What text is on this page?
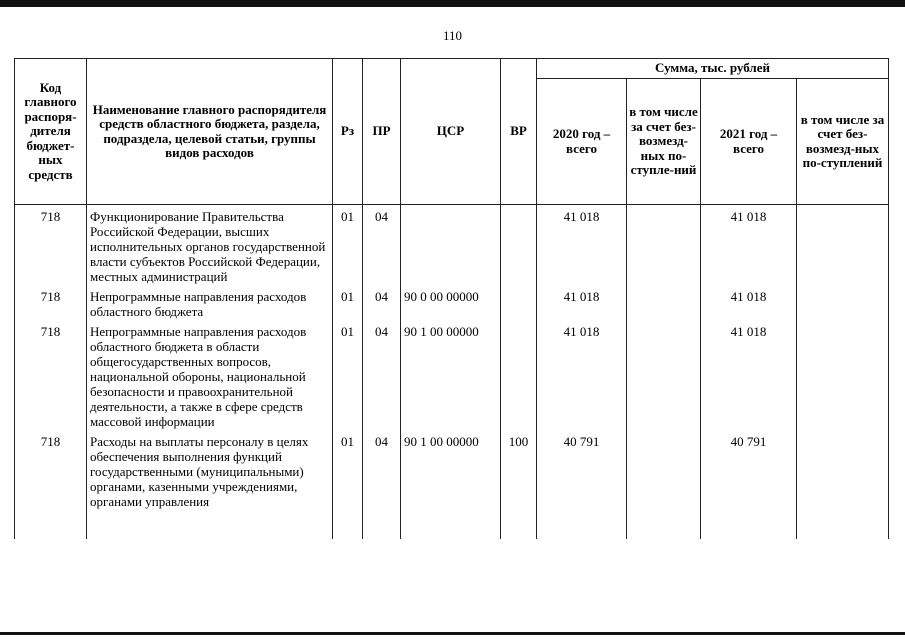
110
Код главного распоря-дителя бюджет-ных средств	Наименование главного распорядителя средств областного бюджета, раздела, подраздела, целевой статьи, группы видов расходов	Рз	ПР	ЦСР	ВР	Сумма, тыс. рублей			
						2020 год – всего	в том числе за счет без-возмезд-ных по-ступле-ний	2021 год – всего	в том числе за счет без-возмезд-ных по-ступлений
718	Функционирование Правительства Российской Федерации, высших исполнительных органов государственной власти субъектов Российской Федерации, местных администраций	01	04			41 018		41 018	
718	Непрограммные направления расходов областного бюджета	01	04	90 0 00 00000		41 018		41 018	
718	Непрограммные направления расходов областного бюджета в области общегосударственных вопросов, национальной обороны, национальной безопасности и правоохранительной деятельности, а также в сфере средств массовой информации	01	04	90 1 00 00000		41 018		41 018	
718	Расходы на выплаты персоналу в целях обеспечения выполнения функций государственными (муниципальными) органами, казенными учреждениями, органами управления	01	04	90 1 00 00000	100	40 791		40 791	
